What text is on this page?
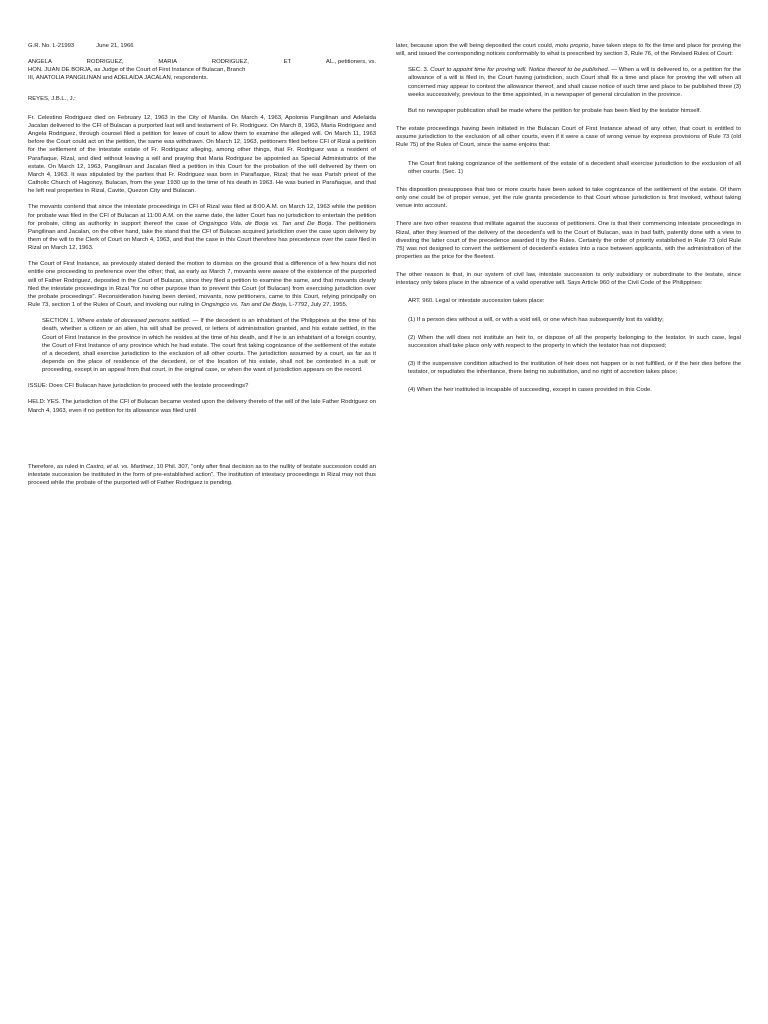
G.R. No. L-21993	June 21, 1966
ANGELA	RODRIGUEZ,	MARIA	RODRIGUEZ,	ET	AL., petitioners, vs.

HON. JUAN DE BORJA, as Judge of the Court of First Instance of Bulacan, Branch

III, ANATOLIA PANGILINAN and ADELAIDA JACALAN, respondents.

REYES, J.B.L., J.:

Fr. Celestino Rodriguez died on February 12, 1963 in the City of Manila. On March 4, 1963, Apolonia Pangilinan and Adelaida Jacalan delivered to the CFI of Bulacan a purported last will and testament of Fr. Rodriguez. On March 8, 1963, Maria Rodriguez and Angela Rodriguez, through counsel filed a petition for leave of court to allow them to examine the alleged will. On March 11, 1963 before the Court could act on the petition, the same was withdrawn. On March 12, 1963, petitioners filed before CFI of Rizal a petition for the settlement of the intestate estate of Fr. Rodriguez alleging, among other things, that Fr. Rodriguez was a resident of Parañaque, Rizal, and died without leaving a will and praying that Maria Rodriguez be appointed as Special Administratrix of the estate. On March 12, 1963, Pangilinan and Jacalan filed a petition in this Court for the probation of the will delivered by them on March 4, 1963. It was stipulated by the parties that Fr. Rodriguez was born in Parañaque, Rizal; that he was Parish priest of the Catholic Church of Hagonoy, Bulacan, from the year 1930 up to the time of his death in 1963. He was buried in Parañaque, and that he left real properties in Rizal, Cavite, Quezon City and Bulacan.

The movants contend that since the intestate proceedings in CFI of Rizal was filed at 8:00 A.M. on March 12, 1963 while the petition for probate was filed in the CFI of Bulacan at 11:00 A.M. on the same date, the latter Court has no jurisdiction to entertain the petition for probate, citing as authority in support thereof the case of Ongsingco Vda. de Borja vs. Tan and De Borja. The petitioners Pangilinan and Jacalan, on the other hand, take the stand that the CFI of Bulacan acquired jurisdiction over the case upon delivery by them of the will to the Clerk of Court on March 4, 1963, and that the case in this Court therefore has precedence over the case filed in Rizal on March 12, 1963.

The Court of First Instance, as previously stated denied the motion to dismiss on the ground that a difference of a few hours did not entitle one proceeding to preference over the other; that, as early as March 7, movants were aware of the existence of the purported will of Father Rodriguez, deposited in the Court of Bulacan, since they filed a petition to examine the same, and that movants clearly filed the intestate proceedings in Rizal "for no other purpose than to prevent this Court (of Bulacan) from exercising jurisdiction over the probate proceedings". Reconsideration having been denied, movants, now petitioners, came to this Court, relying principally on Rule 73, section 1 of the Rules of Court, and invoking our ruling in Ongsingco vs. Tan and De Borja, L-7792, July 27, 1955.

SECTION 1. Where estate of deceased persons settled. — If the decedent is an inhabitant of the Philippines at the time of his death, whether a citizen or an alien, his will shall be proved, or letters of administration granted, and his estate settled, in the Court of First Instance in the province in which he resides at the time of his death, and if he is an inhabitant of a foreign country, the Court of First Instance of any province which he had estate. The court first taking cognizance of the settlement of the estate of a decedent, shall exercise jurisdiction to the exclusion of all other courts. The jurisdiction assumed by a court, as far as it depends on the place of residence of the decedent, or of the location of his estate, shall not be contested in a suit or proceeding, except in an appeal from that court, in the original case, or when the want of jurisdiction appears on the record.

ISSUE: Does CFI Bulacan have jurisdiction to proceed with the testate proceedings?

HELD: YES. The jurisdiction of the CFI of Bulacan became vested upon the delivery thereto of the will of the late Father Rodriguez on March 4, 1963, even if no petition for its allowance was filed until

Therefore, as ruled in Castro, et al. vs. Martinez, 10 Phil. 307, "only after final decision as to the nullity of testate succession could an intestate succession be instituted in the form of pre-established action". The institution of intestacy proceedings in Rizal may not thus proceed while the probate of the purported will of Father Rodriguez is pending.

later, because upon the will being deposited the court could, motu proprio, have taken steps to fix the time and place for proving the will, and issued the corresponding notices conformably to what is prescribed by section 3, Rule 76, of the Revised Rules of Court:

SEC. 3. Court to appoint time for proving will. Notice thereof to be published. — When a will is delivered to, or a petition for the allowance of a will is filed in, the Court having jurisdiction, such Court shall fix a time and place for proving the will when all concerned may appear to contest the allowance thereof, and shall cause notice of such time and place to be published three (3) weeks successively, previous to the time appointed, in a newspaper of general circulation in the province.

But no newspaper publication shall be made where the petition for probate has been filed by the testator himself.

The estate proceedings having been initiated in the Bulacan Court of First Instance ahead of any other, that court is entitled to assume jurisdiction to the exclusion of all other courts, even if it were a case of wrong venue by express provisions of Rule 73 (old Rule 75) of the Rules of Court, since the same enjoins that:

The Court first taking cognizance of the settlement of the estate of a decedent shall exercise jurisdiction to the exclusion of all other courts. (Sec. 1)

This disposition presupposes that two or more courts have been asked to take cognizance of the settlement of the estate. Of them only one could be of proper venue, yet the rule grants precedence to that Court whose jurisdiction is first invoked, without taking venue into account.

There are two other reasons that militate against the success of petitioners. One is that their commencing intestate proceedings in Rizal, after they learned of the delivery of the decedent's will to the Court of Bulacan, was in bad faith, patently done with a view to divesting the latter court of the precedence awarded it by the Rules. Certainly the order of priority established in Rule 73 (old Rule 75) was not designed to convert the settlement of decedent's estates into a race between applicants, with the administration of the properties as the price for the fleetest.

The other reason is that, in our system of civil law, intestate succession is only subsidiary or subordinate to the testate, since intestacy only takes place in the absence of a valid operative will. Says Article 960 of the Civil Code of the Philippines:

ART. 960. Legal or intestate succession takes place:

(1) If a person dies without a will, or with a void will, or one which has subsequently lost its validity;

(2) When the will does not institute an heir to, or dispose of all the property belonging to the testator. In such case, legal succession shall take place only with respect to the property in which the testator has not disposed;

(3) If the suspensive condition attached to the institution of heir does not happen or is not fulfilled, or if the heir dies before the testator, or repudiates the inheritance, there being no substitution, and no right of accretion takes place;

(4) When the heir instituted is incapable of succeeding, except in cases provided in this Code.
